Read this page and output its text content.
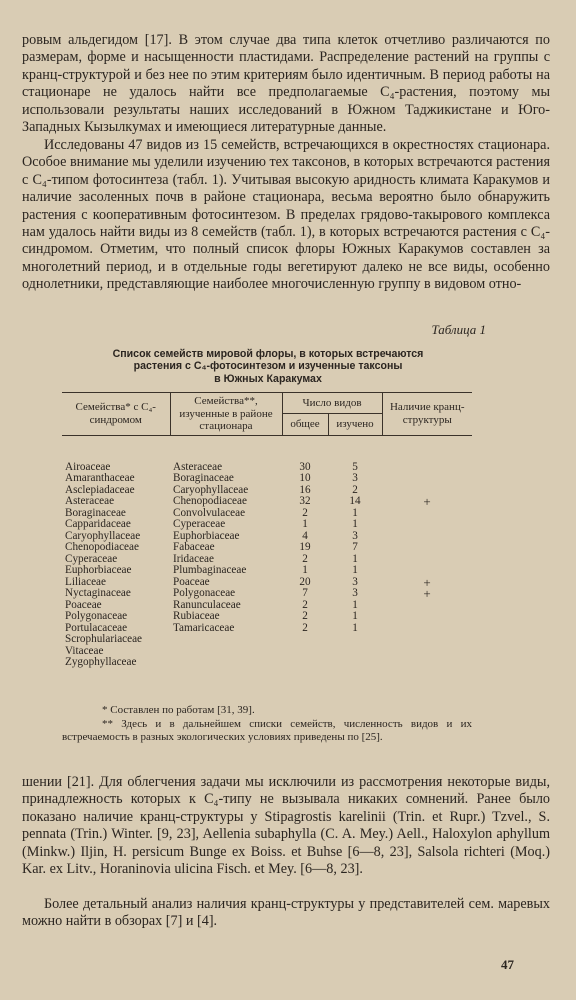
ровым альдегидом [17]. В этом случае два типа клеток отчетливо различаются по размерам, форме и насыщенности пластидами. Распределение растений на группы с кранц-структурой и без нее по этим критериям было идентичным. В период работы на стационаре не удалось найти все предполагаемые C₄-растения, поэтому мы использовали результаты наших исследований в Южном Таджикистане и Юго-Западных Кызылкумах и имеющиеся литературные данные.
Исследованы 47 видов из 15 семейств, встречающихся в окрестностях стационара. Особое внимание мы уделили изучению тех таксонов, в которых встречаются растения с C₄-типом фотосинтеза (табл. 1). Учитывая высокую аридность климата Каракумов и наличие засоленных почв в районе стационара, весьма вероятно было обнаружить растения с кооперативным фотосинтезом. В пределах грядово-такырового комплекса нам удалось найти виды из 8 семейств (табл. 1), в которых встречаются растения с C₄-синдромом. Отметим, что полный список флоры Южных Каракумов составлен за многолетний период, и в отдельные годы вегетируют далеко не все виды, особенно однолетники, представляющие наиболее многочисленную группу в видовом отно-
Таблица 1
Список семейств мировой флоры, в которых встречаются
растения с C₄-фотосинтезом и изученные таксоны
в Южных Каракумах
Семейства* с C₄-синдромом	Семейства**, изученные в районе стационара	Число видов		Наличие кранц-структуры
		общее	изучено	
Airoaceae	Asteraceae	30	5	
Amaranthaceae	Boraginaceae	10	3	
Asclepiadaceae	Caryophyllaceae	16	2	
Asteraceae	Chenopodiaceae	32	14	+
Boraginaceae	Convolvulaceae	2	1	
Capparidaceae	Cyperaceae	1	1	
Caryophyllaceae	Euphorbiaceae	4	3	
Chenopodiaceae	Fabaceae	19	7	
Cyperaceae	Iridaceae	2	1	
Euphorbiaceae	Plumbaginaceae	1	1	
Liliaceae	Poaceae	20	3	+
Nyctaginaceae	Polygonaceae	7	3	+
Poaceae	Ranunculaceae	2	1	
Polygonaceae	Rubiaceae	2	1	
Portulacaceae	Tamaricaceae	2	1	
Scrophulariaceae				
Vitaceae				
Zygophyllaceae				
* Составлен по работам [31, 39].
** Здесь и в дальнейшем списки семейств, численность видов и их встречаемость в разных экологических условиях приведены по [25].
шении [21]. Для облегчения задачи мы исключили из рассмотрения некоторые виды, принадлежность которых к C₄-типу не вызывала никаких сомнений. Ранее было показано наличие кранц-структуры у Stipagrostis karelinii (Trin. et Rupr.) Tzvel., S. pennata (Trin.) Winter. [9, 23], Aellenia subaphylla (C. A. Mey.) Aell., Haloxylon aphyllum (Minkw.) Iljin, H. persicum Bunge ex Boiss. et Buhse [6—8, 23], Salsola richteri (Moq.) Kar. ex Litv., Horaninovia ulicina Fisch. et Mey. [6—8, 23].
Более детальный анализ наличия кранц-структуры у представителей сем. маревых можно найти в обзорах [7] и [4].
47
